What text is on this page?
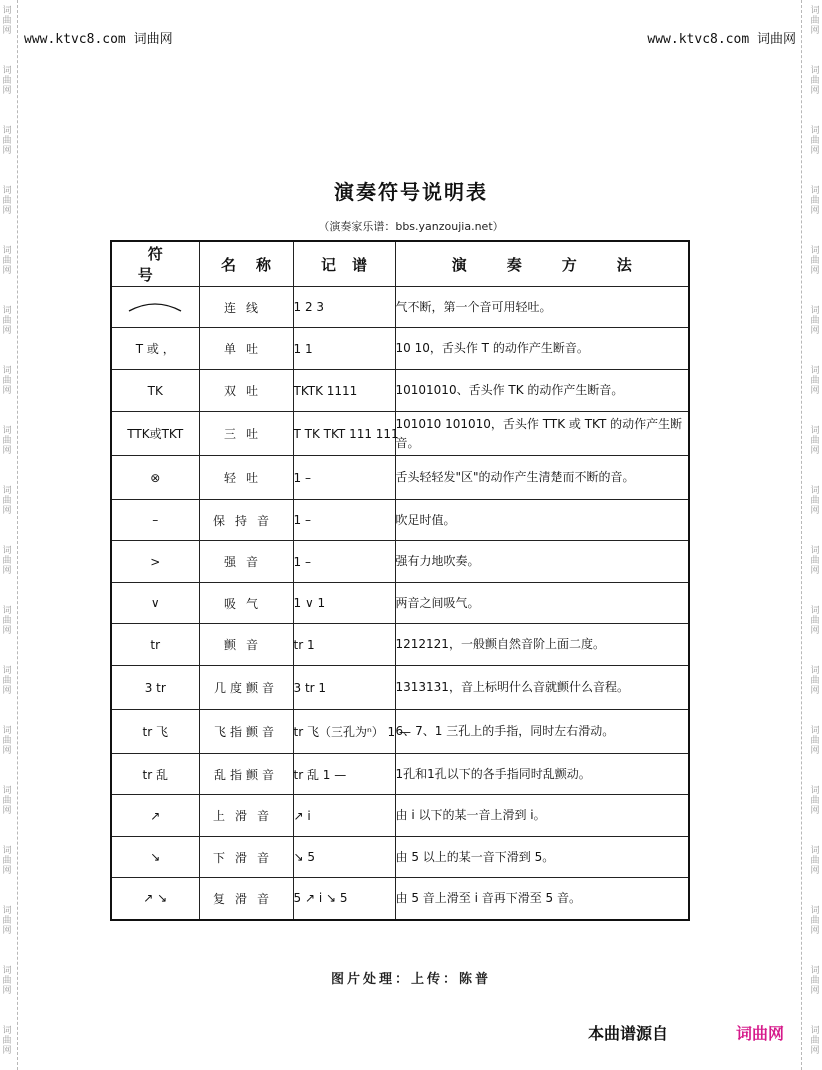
www.ktvc8.com 词曲网	www.ktvc8.com 词曲网
词
曲
网
词
曲
网
词
曲
网
词
曲
网
词
曲
网
词
曲
网
词
曲
网
词
曲
网
词
曲
网
词
曲
网
词
曲
网
词
曲
网
词
曲
网
词
曲
网
词
曲
网
词
曲
网
词
曲
网
词
曲
网
词
曲
网
词
曲
网
词
曲
网
词
曲
网
词
曲
网
词
曲
网
词
曲
网
词
曲
网
词
曲
网
词
曲
网
词
曲
网
词
曲
网
词
曲
网
词
曲
网
词
曲
网
词
曲
网
词
曲
网
词
曲
网
演奏符号说明表
（演奏家乐谱：bbs.yanzoujia.net）
符号	名称	记谱	演奏方法
	连线	1 2 3	气不断，第一个音可用轻吐。
T 或 ，	单吐	1 1	10 10，舌头作 T 的动作产生断音。
TK	双吐	TKTK 1111	10101010、舌头作 TK 的动作产生断音。
TTK或TKT	三吐	T TK TKT 111 111	101010 101010，舌头作 TTK 或 TKT 的动作产生断音。
⊗	轻吐	1 –	舌头轻轻发"区"的动作产生清楚而不断的音。
–	保持音	1 –	吹足时值。
>	强音	1 –	强有力地吹奏。
∨	吸气	1 ∨ 1	两音之间吸气。
tr	颤音	tr 1	1212121，一般颤自然音阶上面二度。
3 tr	几度颤音	3 tr 1	1313131，音上标明什么音就颤什么音程。
tr 飞	飞指颤音	tr 飞（三孔为ⁿ） 1 —	6、7、1 三孔上的手指，同时左右滑动。
tr 乱	乱指颤音	tr 乱 1 —	1孔和1孔以下的各手指同时乱颤动。
↗	上滑音	↗ i	由 i 以下的某一音上滑到 i。
↘	下滑音	↘ 5	由 5 以上的某一音下滑到 5。
↗ ↘	复滑音	5 ↗ i ↘ 5	由 5 音上滑至 i 音再下滑至 5 音。
图片处理：上传：陈普
本曲谱源自	词曲网
